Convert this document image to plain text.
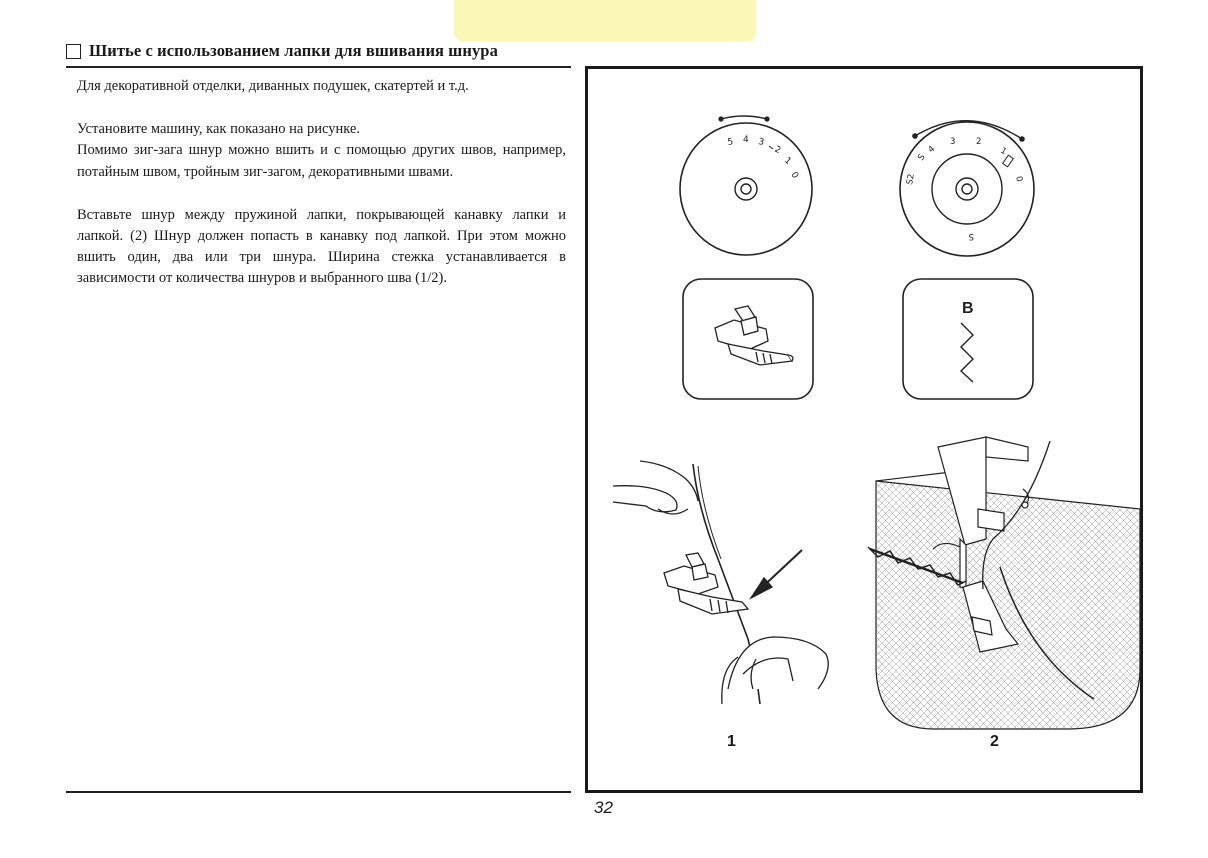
Шитье с использованием лапки для вшивания шнура

Для декоративной отделки, диванных подушек, скатертей и т.д.

Установите машину, как показано на рисунке.

Помимо зиг-зага шнур можно вшить и с помощью других швов, например, потайным швом, тройным зиг-загом, декоративными швами.

Вставьте шнур между пружиной лапки, покрывающей канавку лапки и лапкой. (2) Шнур должен попасть в канавку под лапкой. При этом можно вшить один, два или три шнура. Ширина стежка устанавливается в зависимости от количества шнуров и выбранного шва (1/2).

32
5 4 3
2
1
0	S2
S
4
3 2
1
0
S
B
1	2
